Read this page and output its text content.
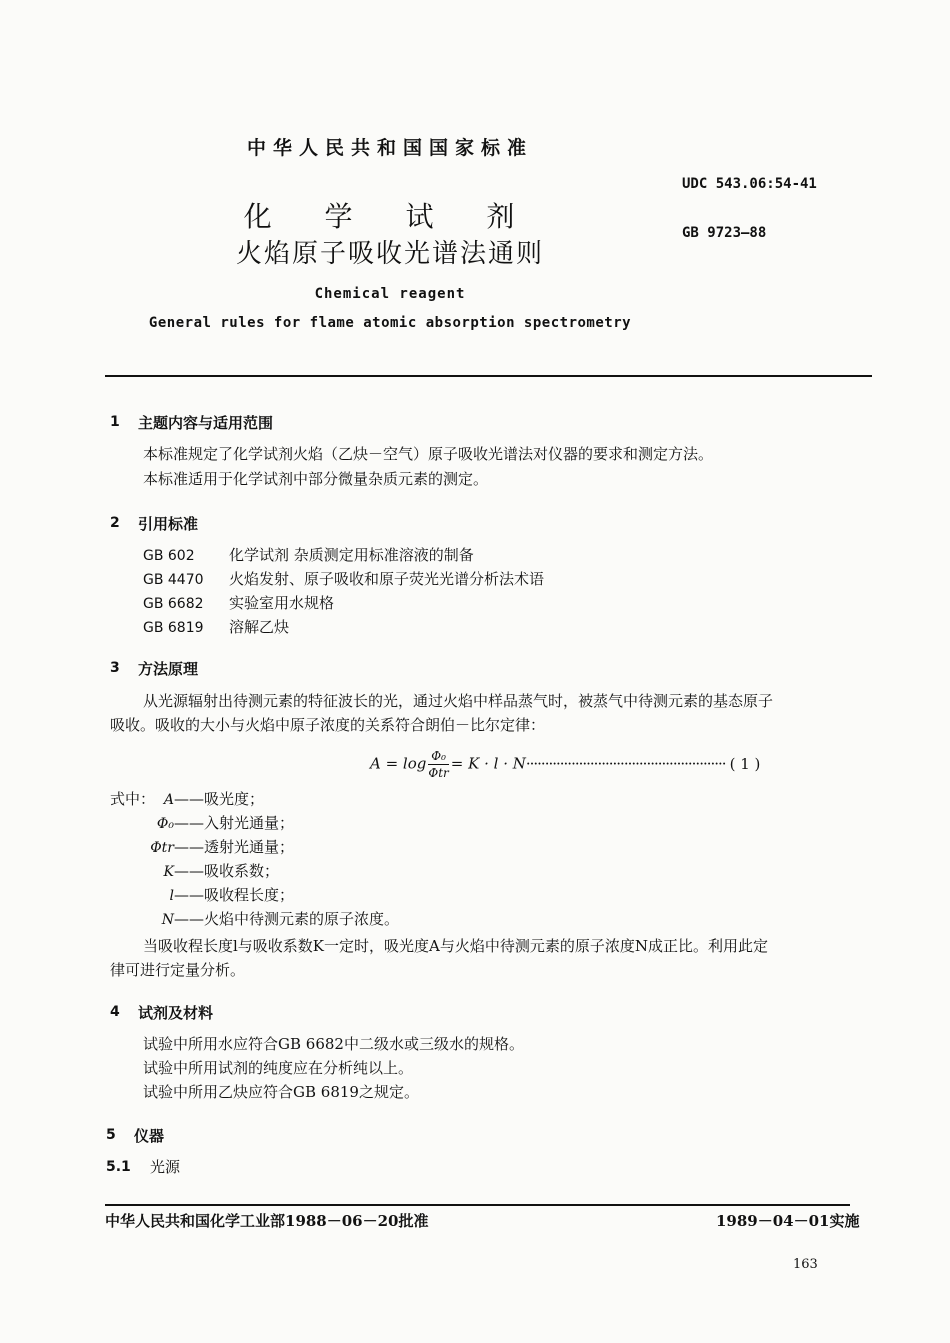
中华人民共和国国家标准
UDC 543.06:54-41
化 学 试 剂	GB 9723—88
火焰原子吸收光谱法通则
Chemical reagent
General rules for flame atomic absorption spectrometry
1 主题内容与适用范围
本标准规定了化学试剂火焰（乙炔－空气）原子吸收光谱法对仪器的要求和测定方法。
本标准适用于化学试剂中部分微量杂质元素的测定。
2 引用标准
GB 602 化学试剂 杂质测定用标准溶液的制备
GB 4470 火焰发射、原子吸收和原子荧光光谱分析法术语
GB 6682 实验室用水规格
GB 6819 溶解乙炔
3 方法原理
从光源辐射出待测元素的特征波长的光，通过火焰中样品蒸气时，被蒸气中待测元素的基态原子
吸收。吸收的大小与火焰中原子浓度的关系符合朗伯－比尔定律：
$A = \log \frac{\text{Φ₀}}{\text{Φtr}} = K \cdot l \cdot N\cdot\cdot\cdot\cdot\cdot\cdot\cdot\cdot\cdot\cdot\cdot\cdot\cdot\cdot\cdot\cdot\cdot\cdot\cdot\cdot\cdot\cdot\cdot\cdot\cdot\cdot\cdot\cdot\cdot\cdot\cdot\cdot\cdot\cdot\cdot\cdot\cdot\cdot\cdot\cdot\cdot\cdot\cdot\cdot\cdot\cdot\cdot\cdot\cdot\cdot\cdot\cdot\cdot$ ( 1 )
式中： A——吸光度；
Φ₀——入射光通量；
Φtr——透射光通量；
K——吸收系数；
l——吸收程长度；
N——火焰中待测元素的原子浓度。
当吸收程长度l与吸收系数K一定时，吸光度A与火焰中待测元素的原子浓度N成正比。利用此定
律可进行定量分析。
4 试剂及材料
试验中所用水应符合GB 6682中二级水或三级水的规格。
试验中所用试剂的纯度应在分析纯以上。
试验中所用乙炔应符合GB 6819之规定。
5 仪器
5.1 光源
中华人民共和国化学工业部1988－06－20批准	1989－04－01实施
163
